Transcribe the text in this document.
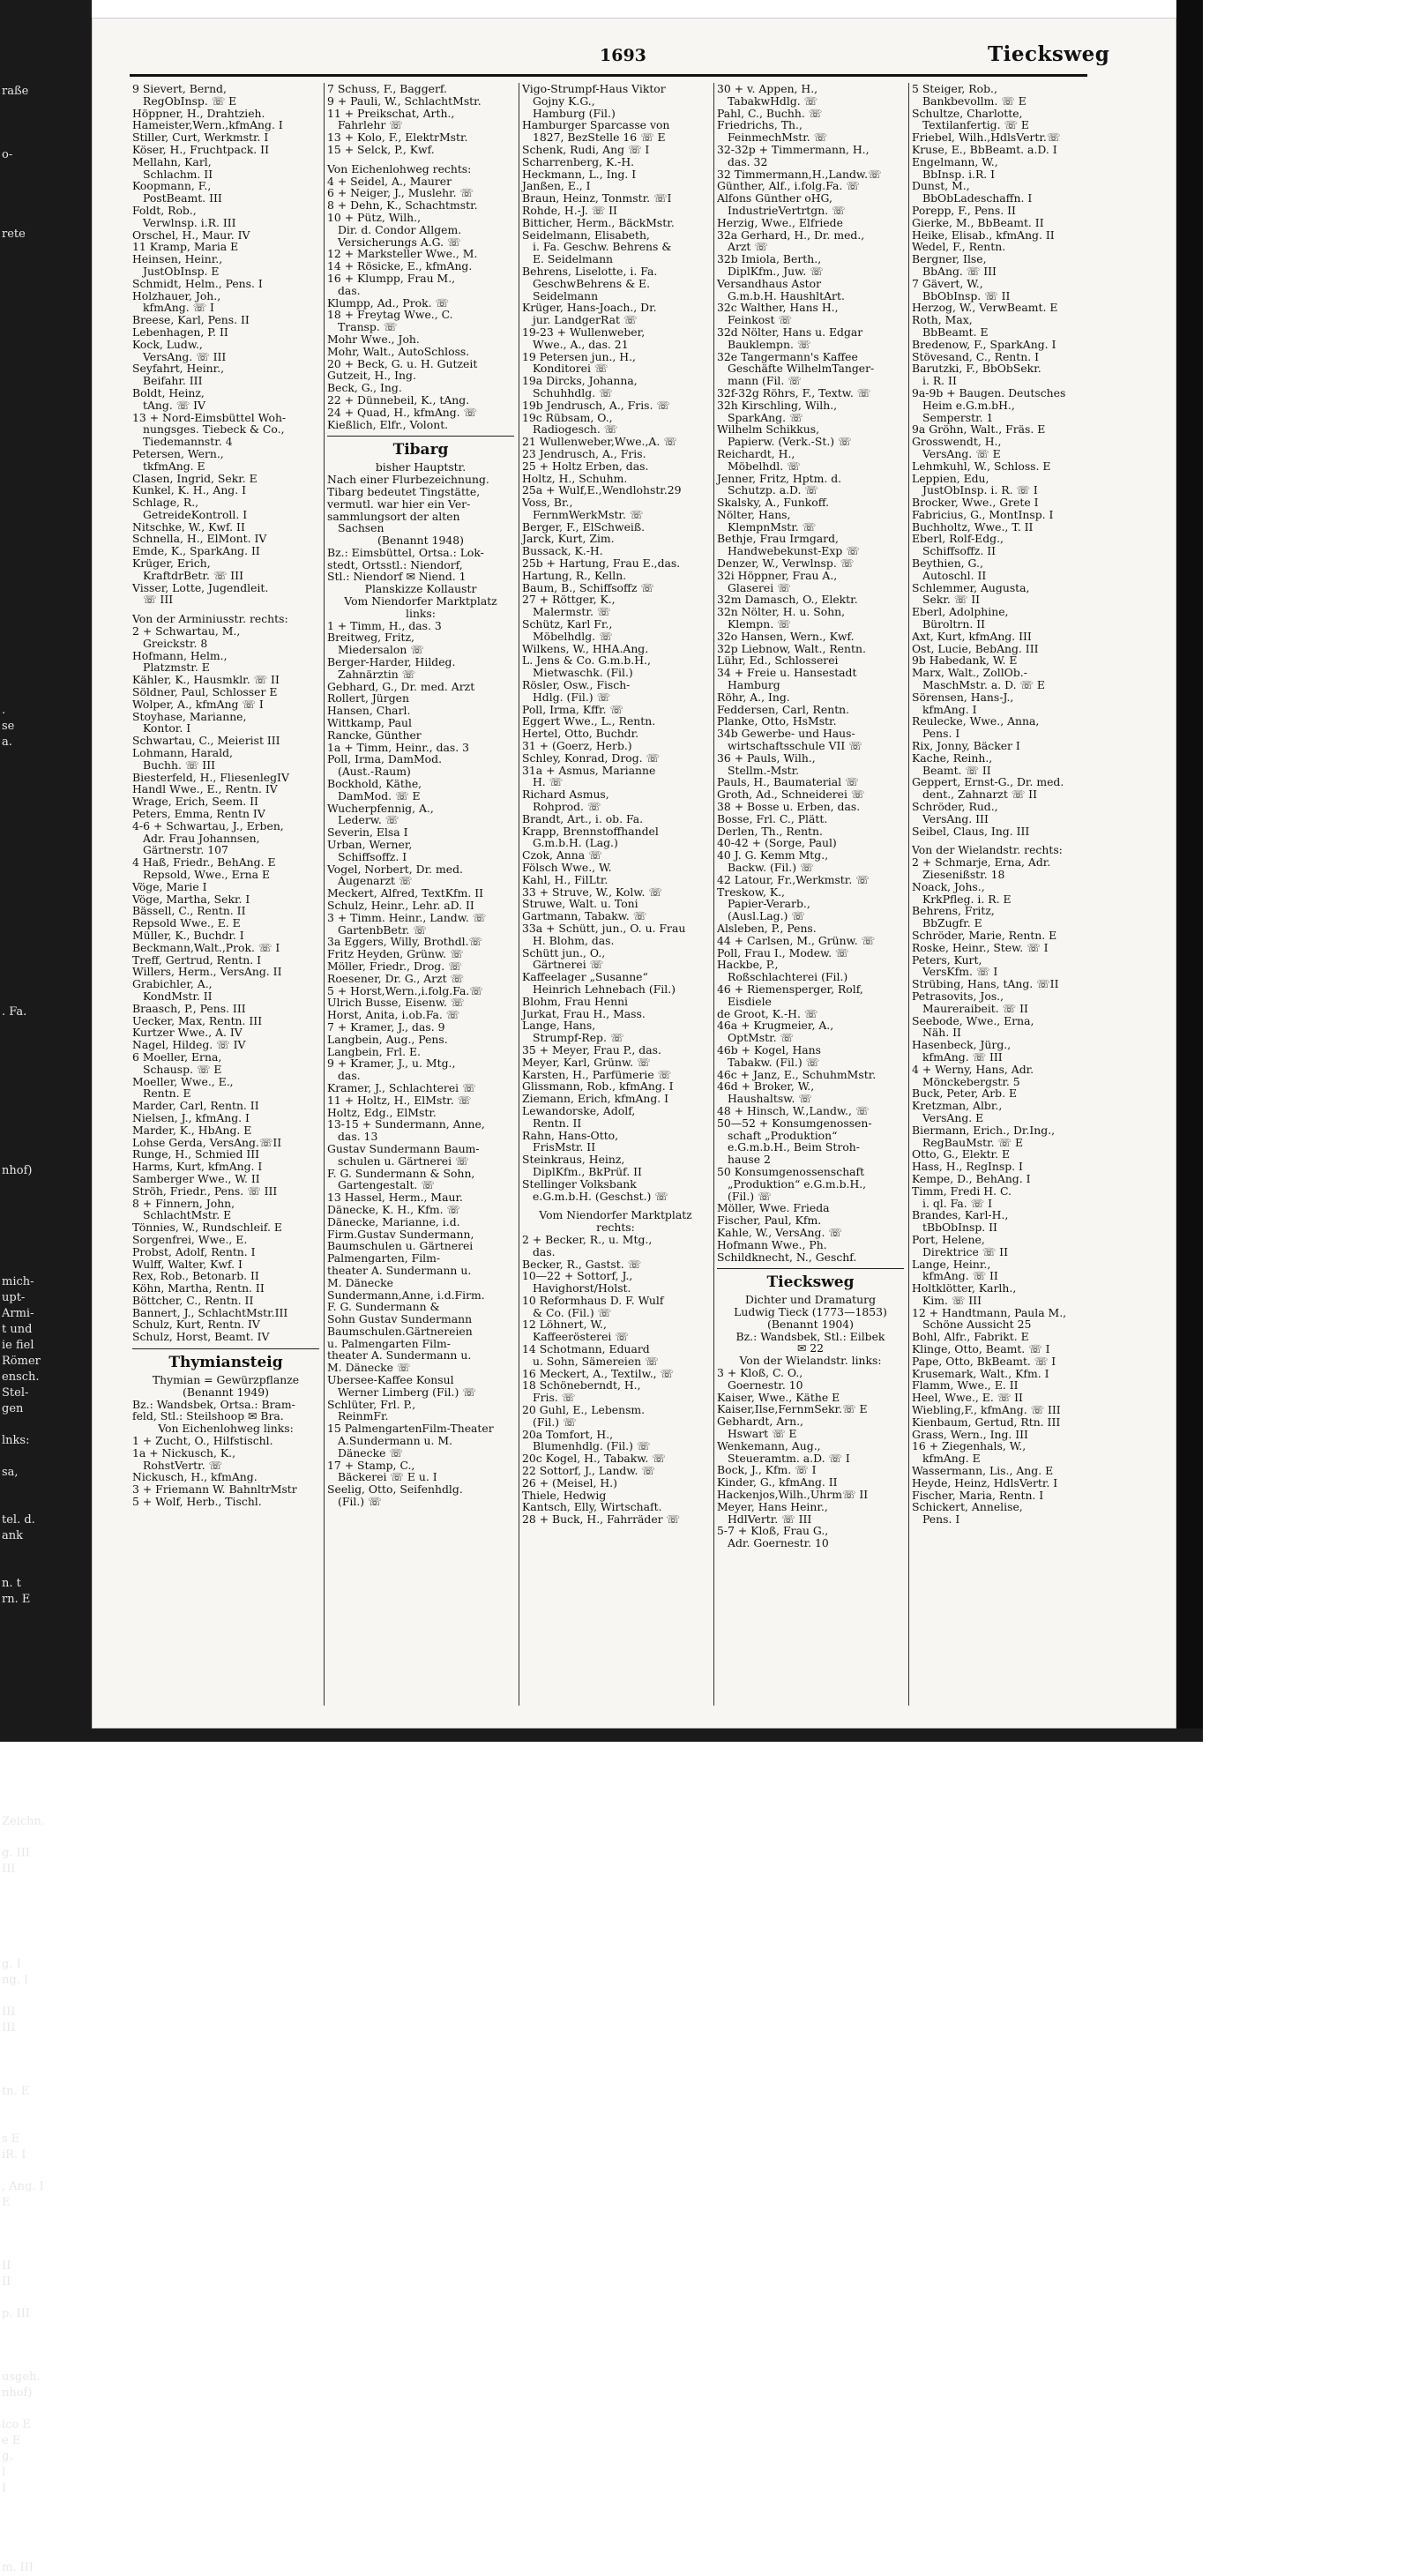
raße
o-
rete
.
se
a.
. Fa.
nhof)
mich-
upt-
Armi-
t und
ie fiel
Römer
ensch.
Stel-
gen
lnks:
sa,
tel. d.
ank
n. t
rn. E
Zeichn.
g. III
III
g. I
ng. I
III
III
tn. E
s E
iR. I
, Ang. I
E
II
II
p. III
usgeh.
nhof)
ico E
e E
g.
l
I
m. III
1693	Tiecksweg
9 Sievert, Bernd,
RegObInsp. ☏ E
Höppner, H., Drahtzieh.
Hameister,Wern.,kfmAng. I
Stiller, Curt, Werkmstr. I
Köser, H., Fruchtpack. II
Mellahn, Karl,
Schlachm. II
Koopmann, F.,
PostBeamt. III
Foldt, Rob.,
Verwlnsp. i.R. III
Orschel, H., Maur. IV
11 Kramp, Maria E
Heinsen, Heinr.,
JustObInsp. E
Schmidt, Helm., Pens. I
Holzhauer, Joh.,
kfmAng. ☏ I
Breese, Karl, Pens. II
Lebenhagen, P. II
Kock, Ludw.,
VersAng. ☏ III
Seyfahrt, Heinr.,
Beifahr. III
Boldt, Heinz,
tAng. ☏ IV
13 + Nord-Eimsbüttel Woh-
nungsges. Tiebeck & Co.,
Tiedemannstr. 4
Petersen, Wern.,
tkfmAng. E
Clasen, Ingrid, Sekr. E
Kunkel, K. H., Ang. I
Schlage, R.,
GetreideKontroll. I
Nitschke, W., Kwf. II
Schnella, H., ElMont. IV
Emde, K., SparkAng. II
Krüger, Erich,
KraftdrBetr. ☏ III
Visser, Lotte, Jugendleit.
☏ III
Von der Arminiusstr. rechts:
2 + Schwartau, M.,
Greickstr. 8
Hofmann, Helm.,
Platzmstr. E
Kähler, K., Hausmklr. ☏ II
Söldner, Paul, Schlosser E
Wolper, A., kfmAng ☏ I
Stoyhase, Marianne,
Kontor. I
Schwartau, C., Meierist III
Lohmann, Harald,
Buchh. ☏ III
Biesterfeld, H., FliesenlegIV
Handl Wwe., E., Rentn. IV
Wrage, Erich, Seem. II
Peters, Emma, Rentn IV
4-6 + Schwartau, J., Erben,
Adr. Frau Johannsen,
Gärtnerstr. 107
4 Haß, Friedr., BehAng. E
Repsold, Wwe., Erna E
Vöge, Marie I
Vöge, Martha, Sekr. I
Bässell, C., Rentn. II
Repsold Wwe., E. E
Müller, K., Buchdr. I
Beckmann,Walt.,Prok. ☏ I
Treff, Gertrud, Rentn. I
Willers, Herm., VersAng. II
Grabichler, A.,
KondMstr. II
Braasch, P., Pens. III
Uecker, Max, Rentn. III
Kurtzer Wwe., A. IV
Nagel, Hildeg. ☏ IV
6 Moeller, Erna,
Schausp. ☏ E
Moeller, Wwe., E.,
Rentn. E
Marder, Carl, Rentn. II
Nielsen, J., kfmAng. I
Marder, K., HbAng. E
Lohse Gerda, VersAng.☏II
Runge, H., Schmied III
Harms, Kurt, kfmAng. I
Samberger Wwe., W. II
Ströh, Friedr., Pens. ☏ III
8 + Finnern, John,
SchlachtMstr. E
Tönnies, W., Rundschleif. E
Sorgenfrei, Wwe., E.
Probst, Adolf, Rentn. I
Wulff, Walter, Kwf. I
Rex, Rob., Betonarb. II
Köhn, Martha, Rentn. II
Böttcher, C., Rentn. II
Bannert, J., SchlachtMstr.III
Schulz, Kurt, Rentn. IV
Schulz, Horst, Beamt. IV
Thymiansteig
Thymian = Gewürzpflanze
(Benannt 1949)
Bz.: Wandsbek, Ortsa.: Bram-
feld, Stl.: Steilshoop ✉ Bra.
Von Eichenlohweg links:
1 + Zucht, O., Hilfstischl.
1a + Nickusch, K.,
RohstVertr. ☏
Nickusch, H., kfmAng.
3 + Friemann W. BahnltrMstr
5 + Wolf, Herb., Tischl.
7 Schuss, F., Baggerf.
9 + Pauli, W., SchlachtMstr.
11 + Preikschat, Arth.,
Fahrlehr ☏
13 + Kolo, F., ElektrMstr.
15 + Selck, P., Kwf.
Von Eichenlohweg rechts:
4 + Seidel, A., Maurer
6 + Neiger, J., Muslehr. ☏
8 + Dehn, K., Schachtmstr.
10 + Pütz, Wilh.,
Dir. d. Condor Allgem.
Versicherungs A.G. ☏
12 + Marksteller Wwe., M.
14 + Rösicke, E., kfmAng.
16 + Klumpp, Frau M.,
das.
Klumpp, Ad., Prok. ☏
18 + Freytag Wwe., C.
Transp. ☏
Mohr Wwe., Joh.
Mohr, Walt., AutoSchloss.
20 + Beck, G. u. H. Gutzeit
Gutzeit, H., Ing.
Beck, G., Ing.
22 + Dünnebeil, K., tAng.
24 + Quad, H., kfmAng. ☏
Kießlich, Elfr., Volont.
Tibarg
bisher Hauptstr.
Nach einer Flurbezeichnung.
Tibarg bedeutet Tingstätte,
vermutl. war hier ein Ver-
sammlungsort der alten
Sachsen
(Benannt 1948)
Bz.: Eimsbüttel, Ortsa.: Lok-
stedt, Ortsstl.: Niendorf,
Stl.: Niendorf ✉ Niend. 1
Planskizze Kollaustr
Vom Niendorfer Marktplatz
links:
1 + Timm, H., das. 3
Breitweg, Fritz,
Miedersalon ☏
Berger-Harder, Hildeg.
Zahnärztin ☏
Gebhard, G., Dr. med. Arzt
Rollert, Jürgen
Hansen, Charl.
Wittkamp, Paul
Rancke, Günther
1a + Timm, Heinr., das. 3
Poll, Irma, DamMod.
(Aust.-Raum)
Bockhold, Käthe,
DamMod. ☏ E
Wucherpfennig, A.,
Lederw. ☏
Severin, Elsa I
Urban, Werner,
Schiffsoffz. I
Vogel, Norbert, Dr. med.
Augenarzt ☏
Meckert, Alfred, TextKfm. II
Schulz, Heinr., Lehr. aD. II
3 + Timm. Heinr., Landw. ☏
GartenbBetr. ☏
3a Eggers, Willy, Brothdl.☏
Fritz Heyden, Grünw. ☏
Möller, Friedr., Drog. ☏
Roesener, Dr. G., Arzt ☏
5 + Horst,Wern.,i.folg.Fa.☏
Ulrich Busse, Eisenw. ☏
Horst, Anita, i.ob.Fa. ☏
7 + Kramer, J., das. 9
Langbein, Aug., Pens.
Langbein, Frl. E.
9 + Kramer, J., u. Mtg.,
das.
Kramer, J., Schlachterei ☏
11 + Holtz, H., ElMstr. ☏
Holtz, Edg., ElMstr.
13-15 + Sundermann, Anne,
das. 13
Gustav Sundermann Baum-
schulen u. Gärtnerei ☏
F. G. Sundermann & Sohn,
Gartengestalt. ☏
13 Hassel, Herm., Maur.
Dänecke, K. H., Kfm. ☏
Dänecke, Marianne, i.d.
Firm.Gustav Sundermann,
Baumschulen u. Gärtnerei
Palmengarten, Film-
theater A. Sundermann u.
M. Dänecke
Sundermann,Anne, i.d.Firm.
F. G. Sundermann &
Sohn Gustav Sundermann
Baumschulen.Gärtnereien
u. Palmengarten Film-
theater A. Sundermann u.
M. Dänecke ☏
Ubersee-Kaffee Konsul
Werner Limberg (Fil.) ☏
Schlüter, Frl. P.,
ReinmFr.
15 PalmengartenFilm-Theater
A.Sundermann u. M.
Dänecke ☏
17 + Stamp, C.,
Bäckerei ☏ E u. I
Seelig, Otto, Seifenhdlg.
(Fil.) ☏
Vigo-Strumpf-Haus Viktor
Gojny K.G.,
Hamburg (Fil.)
Hamburger Sparcasse von
1827, BezStelle 16 ☏ E
Schenk, Rudi, Ang ☏ I
Scharrenberg, K.-H.
Heckmann, L., Ing. I
Janßen, E., I
Braun, Heinz, Tonmstr. ☏I
Rohde, H.-J. ☏ II
Bitticher, Herm., BäckMstr.
Seidelmann, Elisabeth,
i. Fa. Geschw. Behrens &
E. Seidelmann
Behrens, Liselotte, i. Fa.
GeschwBehrens & E.
Seidelmann
Krüger, Hans-Joach., Dr.
jur. LandgerRat ☏
19-23 + Wullenweber,
Wwe., A., das. 21
19 Petersen jun., H.,
Konditorei ☏
19a Dircks, Johanna,
Schuhhdlg. ☏
19b Jendrusch, A., Fris. ☏
19c Rübsam, O.,
Radiogesch. ☏
21 Wullenweber,Wwe.,A. ☏
23 Jendrusch, A., Fris.
25 + Holtz Erben, das.
Holtz, H., Schuhm.
25a + Wulf,E.,Wendlohstr.29
Voss, Br.,
FernmWerkMstr. ☏
Berger, F., ElSchweiß.
Jarck, Kurt, Zim.
Bussack, K.-H.
25b + Hartung, Frau E.,das.
Hartung, R., Kelln.
Baum, B., Schiffsoffz ☏
27 + Röttger, K.,
Malermstr. ☏
Schütz, Karl Fr.,
Möbelhdlg. ☏
Wilkens, W., HHA.Ang.
L. Jens & Co. G.m.b.H.,
Mietwaschk. (Fil.)
Rösler, Osw., Fisch-
Hdlg. (Fil.) ☏
Poll, Irma, Kffr. ☏
Eggert Wwe., L., Rentn.
Hertel, Otto, Buchdr.
31 + (Goerz, Herb.)
Schley, Konrad, Drog. ☏
31a + Asmus, Marianne
H. ☏
Richard Asmus,
Rohprod. ☏
Brandt, Art., i. ob. Fa.
Krapp, Brennstoffhandel
G.m.b.H. (Lag.)
Czok, Anna ☏
Fölsch Wwe., W.
Kahl, H., FilLtr.
33 + Struve, W., Kolw. ☏
Struwe, Walt. u. Toni
Gartmann, Tabakw. ☏
33a + Schütt, jun., O. u. Frau
H. Blohm, das.
Schütt jun., O.,
Gärtnerei ☏
Kaffeelager „Susanne“
Heinrich Lehnebach (Fil.)
Blohm, Frau Henni
Jurkat, Frau H., Mass.
Lange, Hans,
Strumpf-Rep. ☏
35 + Meyer, Frau P., das.
Meyer, Karl, Grünw. ☏
Karsten, H., Parfümerie ☏
Glissmann, Rob., kfmAng. I
Ziemann, Erich, kfmAng. I
Lewandorske, Adolf,
Rentn. II
Rahn, Hans-Otto,
FrisMstr. II
Steinkraus, Heinz,
DiplKfm., BkPrüf. II
Stellinger Volksbank
e.G.m.b.H. (Geschst.) ☏
Vom Niendorfer Marktplatz
rechts:
2 + Becker, R., u. Mtg.,
das.
Becker, R., Gastst. ☏
10—22 + Sottorf, J.,
Havighorst/Holst.
10 Reformhaus D. F. Wulf
& Co. (Fil.) ☏
12 Löhnert, W.,
Kaffeerösterei ☏
14 Schotmann, Eduard
u. Sohn, Sämereien ☏
16 Meckert, A., Textilw., ☏
18 Schöneberndt, H.,
Fris. ☏
20 Guhl, E., Lebensm.
(Fil.) ☏
20a Tomfort, H.,
Blumenhdlg. (Fil.) ☏
20c Kogel, H., Tabakw. ☏
22 Sottorf, J., Landw. ☏
26 + (Meisel, H.)
Thiele, Hedwig
Kantsch, Elly, Wirtschaft.
28 + Buck, H., Fahrräder ☏
30 + v. Appen, H.,
TabakwHdlg. ☏
Pahl, C., Buchh. ☏
Friedrichs, Th.,
FeinmechMstr. ☏
32-32p + Timmermann, H.,
das. 32
32 Timmermann,H.,Landw.☏
Günther, Alf., i.folg.Fa. ☏
Alfons Günther oHG,
IndustrieVertrtgn. ☏
Herzig, Wwe., Elfriede
32a Gerhard, H., Dr. med.,
Arzt ☏
32b Imiola, Berth.,
DiplKfm., Juw. ☏
Versandhaus Astor
G.m.b.H. HaushltArt.
32c Walther, Hans H.,
Feinkost ☏
32d Nölter, Hans u. Edgar
Bauklempn. ☏
32e Tangermann's Kaffee
Geschäfte WilhelmTanger-
mann (Fil. ☏
32f-32g Röhrs, F., Textw. ☏
32h Kirschling, Wilh.,
SparkAng. ☏
Wilhelm Schikkus,
Papierw. (Verk.-St.) ☏
Reichardt, H.,
Möbelhdl. ☏
Jenner, Fritz, Hptm. d.
Schutzp. a.D. ☏
Skalsky, A., Funkoff.
Nölter, Hans,
KlempnMstr. ☏
Bethje, Frau Irmgard,
Handwebekunst-Exp ☏
Denzer, W., Verwlnsp. ☏
32i Höppner, Frau A.,
Glaserei ☏
32m Damasch, O., Elektr.
32n Nölter, H. u. Sohn,
Klempn. ☏
32o Hansen, Wern., Kwf.
32p Liebnow, Walt., Rentn.
Lühr, Ed., Schlosserei
34 + Freie u. Hansestadt
Hamburg
Röhr, A., Ing.
Feddersen, Carl, Rentn.
Planke, Otto, HsMstr.
34b Gewerbe- und Haus-
wirtschaftsschule VII ☏
36 + Pauls, Wilh.,
Stellm.-Mstr.
Pauls, H., Baumaterial ☏
Groth, Ad., Schneiderei ☏
38 + Bosse u. Erben, das.
Bosse, Frl. C., Plätt.
Derlen, Th., Rentn.
40-42 + (Sorge, Paul)
40 J. G. Kemm Mtg.,
Backw. (Fil.) ☏
42 Latour, Fr.,Werkmstr. ☏
Treskow, K.,
Papier-Verarb.,
(Ausl.Lag.) ☏
Alsleben, P., Pens.
44 + Carlsen, M., Grünw. ☏
Poll, Frau I., Modew. ☏
Hackbe, P.,
Roßschlachterei (Fil.)
46 + Riemensperger, Rolf,
Eisdiele
de Groot, K.-H. ☏
46a + Krugmeier, A.,
OptMstr. ☏
46b + Kogel, Hans
Tabakw. (Fil.) ☏
46c + Janz, E., SchuhmMstr.
46d + Broker, W.,
Haushaltsw. ☏
48 + Hinsch, W.,Landw., ☏
50—52 + Konsumgenossen-
schaft „Produktion“
e.G.m.b.H., Beim Stroh-
hause 2
50 Konsumgenossenschaft
„Produktion“ e.G.m.b.H.,
(Fil.) ☏
Möller, Wwe. Frieda
Fischer, Paul, Kfm.
Kahle, W., VersAng. ☏
Hofmann Wwe., Ph.
Schildknecht, N., Geschf.
Tiecksweg
Dichter und Dramaturg
Ludwig Tieck (1773—1853)
(Benannt 1904)
Bz.: Wandsbek, Stl.: Eilbek
✉ 22
Von der Wielandstr. links:
3 + Kloß, C. O.,
Goernestr. 10
Kaiser, Wwe., Käthe E
Kaiser,Ilse,FernmSekr.☏ E
Gebhardt, Arn.,
Hswart ☏ E
Wenkemann, Aug.,
Steueramtm. a.D. ☏ I
Bock, J., Kfm. ☏ I
Kinder, G., kfmAng. II
Hackenjos,Wilh.,Uhrm☏ II
Meyer, Hans Heinr.,
HdlVertr. ☏ III
5-7 + Kloß, Frau G.,
Adr. Goernestr. 10
5 Steiger, Rob.,
Bankbevollm. ☏ E
Schultze, Charlotte,
Textilanfertig. ☏ E
Friebel, Wilh.,HdlsVertr.☏
Kruse, E., BbBeamt. a.D. I
Engelmann, W.,
BbInsp. i.R. I
Dunst, M.,
BbObLadeschaffn. I
Porepp, F., Pens. II
Gierke, M., BbBeamt. II
Heike, Elisab., kfmAng. II
Wedel, F., Rentn.
Bergner, Ilse,
BbAng. ☏ III
7 Gävert, W.,
BbObInsp. ☏ II
Herzog, W., VerwBeamt. E
Roth, Max,
BbBeamt. E
Bredenow, F., SparkAng. I
Stövesand, C., Rentn. I
Barutzki, F., BbObSekr.
i. R. II
9a-9b + Baugen. Deutsches
Heim e.G.m.bH.,
Semperstr. 1
9a Gröhn, Walt., Fräs. E
Grosswendt, H.,
VersAng. ☏ E
Lehmkuhl, W., Schloss. E
Leppien, Edu,
JustObInsp. i. R. ☏ I
Brocker, Wwe., Grete I
Fabricius, G., MontInsp. I
Buchholtz, Wwe., T. II
Eberl, Rolf-Edg.,
Schiffsoffz. II
Beythien, G.,
Autoschl. II
Schlemmer, Augusta,
Sekr. ☏ II
Eberl, Adolphine,
Büroltrn. II
Axt, Kurt, kfmAng. III
Ost, Lucie, BebAng. III
9b Habedank, W. E
Marx, Walt., ZollOb.-
MaschMstr. a. D. ☏ E
Sörensen, Hans-J.,
kfmAng. I
Reulecke, Wwe., Anna,
Pens. I
Rix, Jonny, Bäcker I
Kache, Reinh.,
Beamt. ☏ II
Geppert, Ernst-G., Dr. med.
dent., Zahnarzt ☏ II
Schröder, Rud.,
VersAng. III
Seibel, Claus, Ing. III
Von der Wielandstr. rechts:
2 + Schmarje, Erna, Adr.
Ziesenißstr. 18
Noack, Johs.,
KrkPfleg. i. R. E
Behrens, Fritz,
BbZugfr. E
Schröder, Marie, Rentn. E
Roske, Heinr., Stew. ☏ I
Peters, Kurt,
VersKfm. ☏ I
Strübing, Hans, tAng. ☏II
Petrasovits, Jos.,
Maureraibeit. ☏ II
Seebode, Wwe., Erna,
Näh. II
Hasenbeck, Jürg.,
kfmAng. ☏ III
4 + Werny, Hans, Adr.
Mönckebergstr. 5
Buck, Peter, Arb. E
Kretzman, Albr.,
VersAng. E
Biermann, Erich., Dr.Ing.,
RegBauMstr. ☏ E
Otto, G., Elektr. E
Hass, H., RegInsp. I
Kempe, D., BehAng. I
Timm, Fredi H. C.
i. ql. Fa. ☏ I
Brandes, Karl-H.,
tBbObInsp. II
Port, Helene,
Direktrice ☏ II
Lange, Heinr.,
kfmAng. ☏ II
Holtklötter, Karlh.,
Kim. ☏ III
12 + Handtmann, Paula M.,
Schöne Aussicht 25
Bohl, Alfr., Fabrikt. E
Klinge, Otto, Beamt. ☏ I
Pape, Otto, BkBeamt. ☏ I
Krusemark, Walt., Kfm. I
Flamm, Wwe., E. II
Heel, Wwe., E. ☏ II
Wiebling,F., kfmAng. ☏ III
Kienbaum, Gertud, Rtn. III
Grass, Wern., Ing. III
16 + Ziegenhals, W.,
kfmAng. E
Wassermann, Lis., Ang. E
Heyde, Heinz, HdlsVertr. I
Fischer, Maria, Rentn. I
Schickert, Annelise,
Pens. I
